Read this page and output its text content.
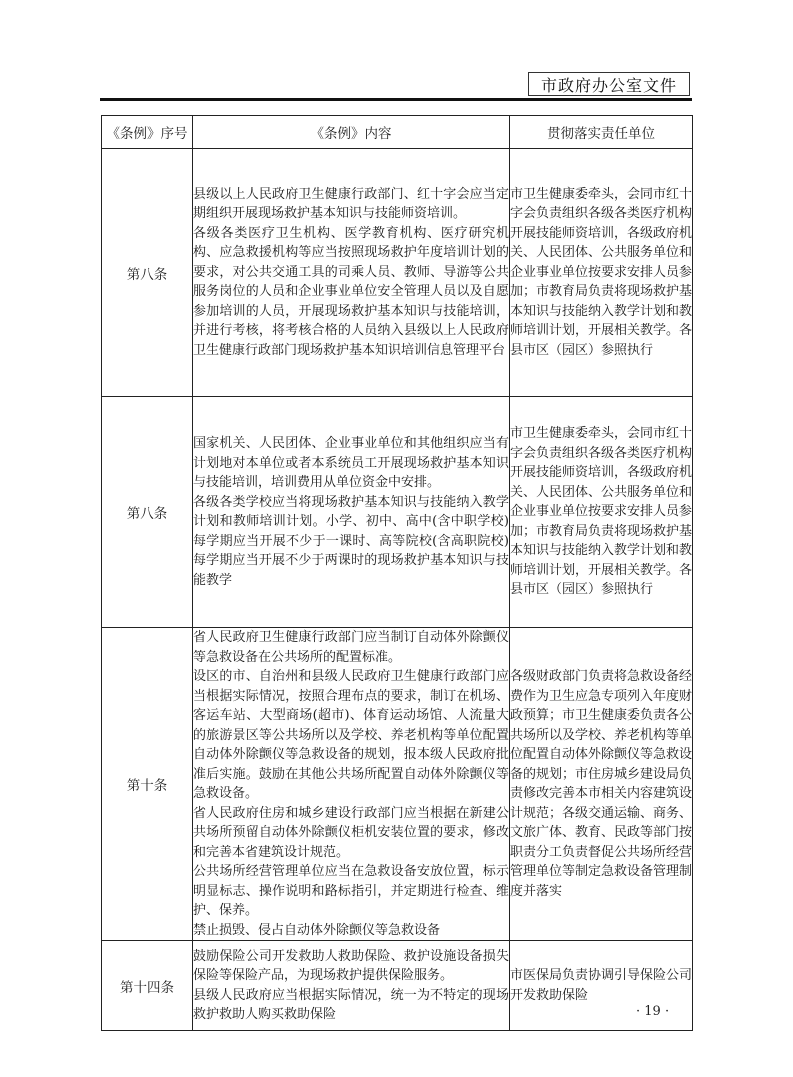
市政府办公室文件
《条例》序号	《条例》内容	贯彻落实责任单位
第八条	县级以上人民政府卫生健康行政部门、红十字会应当定期组织开展现场救护基本知识与技能师资培训。

各级各类医疗卫生机构、医学教育机构、医疗研究机构、应急救援机构等应当按照现场救护年度培训计划的要求，对公共交通工具的司乘人员、教师、导游等公共服务岗位的人员和企业事业单位安全管理人员以及自愿参加培训的人员，开展现场救护基本知识与技能培训，并进行考核，将考核合格的人员纳入县级以上人民政府卫生健康行政部门现场救护基本知识培训信息管理平台	市卫生健康委牵头，会同市红十字会负责组织各级各类医疗机构开展技能师资培训，各级政府机关、人民团体、公共服务单位和企业事业单位按要求安排人员参加；市教育局负责将现场救护基本知识与技能纳入教学计划和教师培训计划，开展相关教学。各县市区（园区）参照执行

第八条	国家机关、人民团体、企业事业单位和其他组织应当有计划地对本单位或者本系统员工开展现场救护基本知识与技能培训，培训费用从单位资金中安排。

各级各类学校应当将现场救护基本知识与技能纳入教学计划和教师培训计划。小学、初中、高中(含中职学校)每学期应当开展不少于一课时、高等院校(含高职院校)每学期应当开展不少于两课时的现场救护基本知识与技能教学	市卫生健康委牵头，会同市红十字会负责组织各级各类医疗机构开展技能师资培训，各级政府机关、人民团体、公共服务单位和企业事业单位按要求安排人员参加；市教育局负责将现场救护基本知识与技能纳入教学计划和教师培训计划，开展相关教学。各县市区（园区）参照执行

第十条	省人民政府卫生健康行政部门应当制订自动体外除颤仪等急救设备在公共场所的配置标准。

设区的市、自治州和县级人民政府卫生健康行政部门应当根据实际情况，按照合理布点的要求，制订在机场、客运车站、大型商场(超市)、体育运动场馆、人流量大的旅游景区等公共场所以及学校、养老机构等单位配置自动体外除颤仪等急救设备的规划，报本级人民政府批准后实施。鼓励在其他公共场所配置自动体外除颤仪等急救设备。

省人民政府住房和城乡建设行政部门应当根据在新建公共场所预留自动体外除颤仪柜机安装位置的要求，修改和完善本省建筑设计规范。

公共场所经营管理单位应当在急救设备安放位置，标示明显标志、操作说明和路标指引，并定期进行检查、维护、保养。

禁止损毁、侵占自动体外除颤仪等急救设备	各级财政部门负责将急救设备经费作为卫生应急专项列入年度财政预算；市卫生健康委负责各公共场所以及学校、养老机构等单位配置自动体外除颤仪等急救设备的规划；市住房城乡建设局负责修改完善本市相关内容建筑设计规范；各级交通运输、商务、文旅广体、教育、民政等部门按职责分工负责督促公共场所经营管理单位等制定急救设备管理制度并落实

第十四条	鼓励保险公司开发救助人救助保险、救护设施设备损失保险等保险产品，为现场救护提供保险服务。

县级人民政府应当根据实际情况，统一为不特定的现场救护救助人购买救助保险	市医保局负责协调引导保险公司开发救助保险

· 19 ·
